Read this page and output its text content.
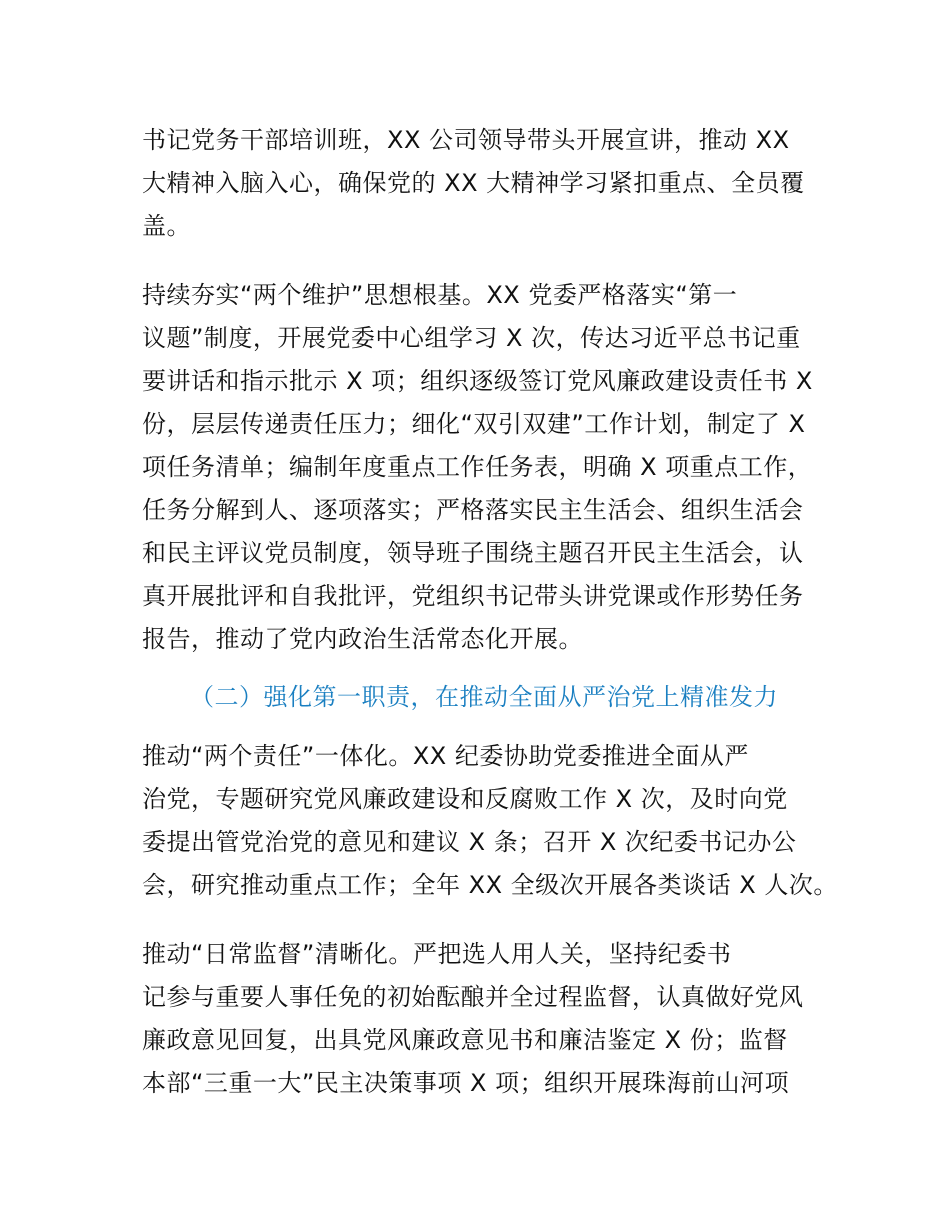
书记党务干部培训班，XX 公司领导带头开展宣讲，推动 XX
大精神入脑入心，确保党的 XX 大精神学习紧扣重点、全员覆
盖。
持续夯实“两个维护”思想根基。XX 党委严格落实“第一
议题”制度，开展党委中心组学习 X 次，传达习近平总书记重
要讲话和指示批示 X 项；组织逐级签订党风廉政建设责任书 X
份，层层传递责任压力；细化“双引双建”工作计划，制定了 X
项任务清单；编制年度重点工作任务表，明确 X 项重点工作，
任务分解到人、逐项落实；严格落实民主生活会、组织生活会
和民主评议党员制度，领导班子围绕主题召开民主生活会，认
真开展批评和自我批评，党组织书记带头讲党课或作形势任务
报告，推动了党内政治生活常态化开展。
（二）强化第一职责，在推动全面从严治党上精准发力
推动“两个责任”一体化。XX 纪委协助党委推进全面从严
治党，专题研究党风廉政建设和反腐败工作 X 次，及时向党
委提出管党治党的意见和建议 X 条；召开 X 次纪委书记办公
会，研究推动重点工作；全年 XX 全级次开展各类谈话 X 人次。
推动“日常监督”清晰化。严把选人用人关，坚持纪委书
记参与重要人事任免的初始酝酿并全过程监督，认真做好党风
廉政意见回复，出具党风廉政意见书和廉洁鉴定 X 份；监督
本部“三重一大”民主决策事项 X 项；组织开展珠海前山河项
